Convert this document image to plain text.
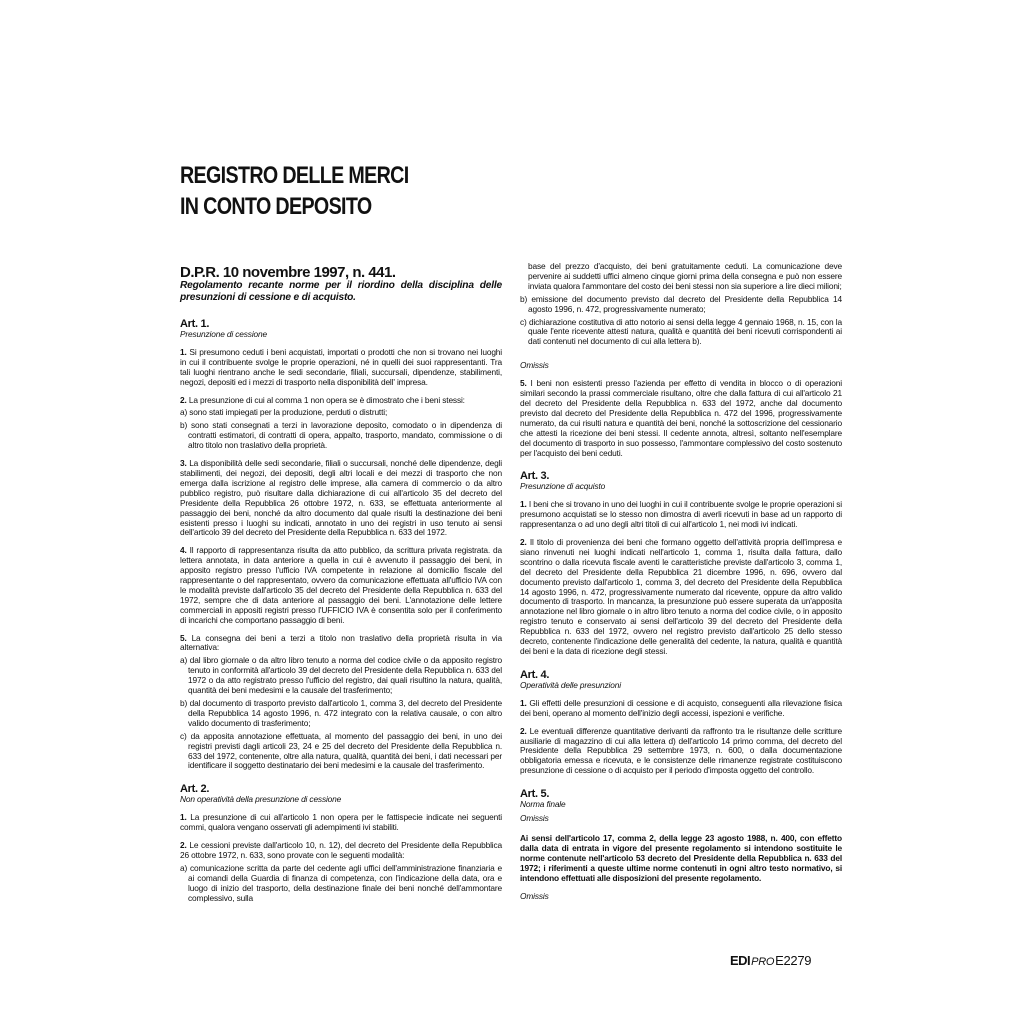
REGISTRO DELLE MERCI
IN CONTO DEPOSITO
D.P.R. 10 novembre 1997, n. 441.
Regolamento recante norme per il riordino della disciplina delle presunzioni di cessione e di acquisto.
Art. 1.
Presunzione di cessione

1. Si presumono ceduti i beni acquistati, importati o prodotti che non si trovano nei luoghi in cui il contribuente svolge le proprie operazioni, né in quelli dei suoi rappresentanti. Tra tali luoghi rientrano anche le sedi secondarie, filiali, succursali, dipendenze, stabilimenti, negozi, depositi ed i mezzi di trasporto nella disponibilità dell' impresa.

2. La presunzione di cui al comma 1 non opera se è dimostrato che i beni stessi:

a) sono stati impiegati per la produzione, perduti o distrutti;

b) sono stati consegnati a terzi in lavorazione deposito, comodato o in dipendenza di contratti estimatori, di contratti di opera, appalto, trasporto, mandato, commissione o di altro titolo non traslativo della proprietà.

3. La disponibilità delle sedi secondarie, filiali o succursali, nonché delle dipendenze, degli stabilimenti, dei negozi, dei depositi, degli altri locali e dei mezzi di trasporto che non emerga dalla iscrizione al registro delle imprese, alla camera di commercio o da altro pubblico registro, può risultare dalla dichiarazione di cui all'articolo 35 del decreto del Presidente della Repubblica 26 ottobre 1972, n. 633, se effettuata anteriormente al passaggio dei beni, nonché da altro documento dal quale risulti la destinazione dei beni esistenti presso i luoghi su indicati, annotato in uno dei registri in uso tenuto ai sensi dell'articolo 39 del decreto del Presidente della Repubblica n. 633 del 1972.

4. Il rapporto di rappresentanza risulta da atto pubblico, da scrittura privata registrata. da lettera annotata, in data anteriore a quella in cui è avvenuto il passaggio dei beni, in apposito registro presso l'ufficio IVA competente in relazione al domicilio fiscale del rappresentante o del rappresentato, ovvero da comunicazione effettuata all'ufficio IVA con le modalità previste dall'articolo 35 del decreto del Presidente della Repubblica n. 633 del 1972, sempre che di data anteriore al passaggio dei beni. L'annotazione delle lettere commerciali in appositi registri presso l'UFFICIO IVA è consentita solo per il conferimento di incarichi che comportano passaggio di beni.

5. La consegna dei beni a terzi a titolo non traslativo della proprietà risulta in via alternativa:

a) dal libro giornale o da altro libro tenuto a norma del codice civile o da apposito registro tenuto in conformità all'articolo 39 del decreto del Presidente della Repubblica n. 633 del 1972 o da atto registrato presso l'ufficio del registro, dai quali risultino la natura, qualità, quantità dei beni medesimi e la causale del trasferimento;

b) dal documento di trasporto previsto dall'articolo 1, comma 3, del decreto del Presidente della Repubblica 14 agosto 1996, n. 472 integrato con la relativa causale, o con altro valido documento di trasferimento;

c) da apposita annotazione effettuata, al momento del passaggio dei beni, in uno dei registri previsti dagli articoli 23, 24 e 25 del decreto del Presidente della Repubblica n. 633 del 1972, contenente, oltre alla natura, qualità, quantità dei beni, i dati necessari per identificare il soggetto destinatario dei beni medesimi e la causale del trasferimento.

Art. 2.
Non operatività della presunzione di cessione

1. La presunzione di cui all'articolo 1 non opera per le fattispecie indicate nei seguenti commi, qualora vengano osservati gli adempimenti ivi stabiliti.

2. Le cessioni previste dall'articolo 10, n. 12), del decreto del Presidente della Repubblica 26 ottobre 1972, n. 633, sono provate con le seguenti modalità:

a) comunicazione scritta da parte del cedente agli uffici dell'amministrazione finanziaria e ai comandi della Guardia di finanza di competenza, con l'indicazione della data, ora e luogo di inizio del trasporto, della destinazione finale dei beni nonché dell'ammontare complessivo, sulla

base del prezzo d'acquisto, dei beni gratuitamente ceduti. La comunicazione deve pervenire ai suddetti uffici almeno cinque giorni prima della consegna e può non essere inviata qualora l'ammontare del costo dei beni stessi non sia superiore a lire dieci milioni;

b) emissione del documento previsto dal decreto del Presidente della Repubblica 14 agosto 1996, n. 472, progressivamente numerato;

c) dichiarazione costitutiva di atto notorio ai sensi della legge 4 gennaio 1968, n. 15, con la quale l'ente ricevente attesti natura, qualità e quantità dei beni ricevuti corrispondenti ai dati contenuti nel documento di cui alla lettera b).

Omissis

5. I beni non esistenti presso l'azienda per effetto di vendita in blocco o di operazioni similari secondo la prassi commerciale risultano, oltre che dalla fattura di cui all'articolo 21 del decreto del Presidente della Repubblica n. 633 del 1972, anche dal documento previsto dal decreto del Presidente della Repubblica n. 472 del 1996, progressivamente numerato, da cui risulti natura e quantità dei beni, nonché la sottoscrizione del cessionario che attesti la ricezione dei beni stessi. Il cedente annota, altresì, soltanto nell'esemplare del documento di trasporto in suo possesso, l'ammontare complessivo del costo sostenuto per l'acquisto dei beni ceduti.

Art. 3.
Presunzione di acquisto

1. I beni che si trovano in uno dei luoghi in cui il contribuente svolge le proprie operazioni si presumono acquistati se lo stesso non dimostra di averli ricevuti in base ad un rapporto di rappresentanza o ad uno degli altri titoli di cui all'articolo 1, nei modi ivi indicati.

2. Il titolo di provenienza dei beni che formano oggetto dell'attività propria dell'impresa e siano rinvenuti nei luoghi indicati nell'articolo 1, comma 1, risulta dalla fattura, dallo scontrino o dalla ricevuta fiscale aventi le caratteristiche previste dall'articolo 3, comma 1, del decreto del Presidente della Repubblica 21 dicembre 1996, n. 696, ovvero dal documento previsto dall'articolo 1, comma 3, del decreto del Presidente della Repubblica 14 agosto 1996, n. 472, progressivamente numerato dal ricevente, oppure da altro valido documento di trasporto. In mancanza, la presunzione può essere superata da un'apposita annotazione nel libro giornale o in altro libro tenuto a norma del codice civile, o in apposito registro tenuto e conservato ai sensi dell'articolo 39 del decreto del Presidente della Repubblica n. 633 del 1972, ovvero nel registro previsto dall'articolo 25 dello stesso decreto, contenente l'indicazione delle generalità del cedente, la natura, qualità e quantità dei beni e la data di ricezione degli stessi.

Art. 4.
Operatività delle presunzioni

1. Gli effetti delle presunzioni di cessione e di acquisto, conseguenti alla rilevazione fisica dei beni, operano al momento dell'inizio degli accessi, ispezioni e verifiche.

2. Le eventuali differenze quantitative derivanti da raffronto tra le risultanze delle scritture ausiliarie di magazzino di cui alla lettera d) dell'articolo 14 primo comma, del decreto del Presidente della Repubblica 29 settembre 1973, n. 600, o dalla documentazione obbligatoria emessa e ricevuta, e le consistenze delle rimanenze registrate costituiscono presunzione di cessione o di acquisto per il periodo d'imposta oggetto del controllo.

Art. 5.
Norma finale
Omissis

Ai sensi dell'articolo 17, comma 2, della legge 23 agosto 1988, n. 400, con effetto dalla data di entrata in vigore del presente regolamento si intendono sostituite le norme contenute nell'articolo 53 decreto del Presidente della Repubblica n. 633 del 1972; i riferimenti a queste ultime norme contenuti in ogni altro testo normativo, si intendono effettuati alle disposizioni del presente regolamento.

Omissis
EDI PRO E2279
